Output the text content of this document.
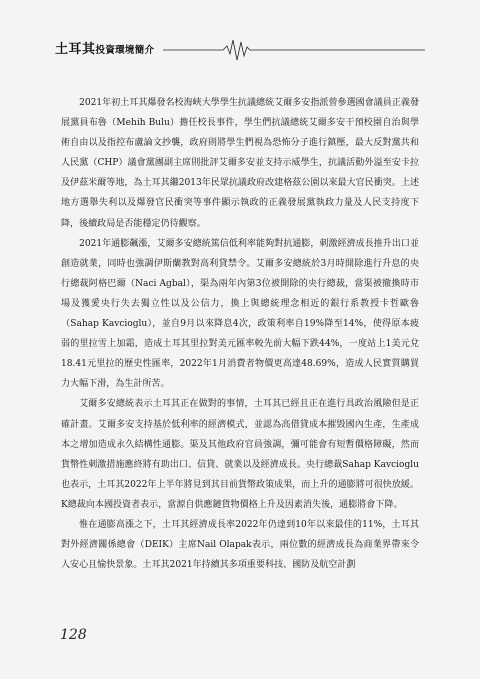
土耳其投資環境簡介

2021年初土耳其爆發名校海峽大學學生抗議總統艾爾多安指派曾參選國會議員正義發展黨員布魯（Mehih Bulu）擔任校長事件，學生們抗議總統艾爾多安干預校園自治與學術自由以及指控布盧論文抄襲，政府則將學生們視為恐怖分子進行鎮壓，最大反對黨共和人民黨（CHP）議會黨團副主席則批評艾爾多安並支持示威學生，抗議活動外溢至安卡拉及伊茲米爾等地，為土耳其繼2013年民眾抗議政府改建格茲公園以來最大官民衝突。上述地方選舉失利以及爆發官民衝突等事件顯示執政的正義發展黨執政力量及人民支持度下降，後續政局是否能穩定仍待觀察。

2021年通膨飆漲，艾爾多安總統篤信低利率能夠對抗通膨，刺激經濟成長推升出口並創造就業，同時也強調伊斯蘭教對高利貸禁令。艾爾多安總統於3月時開除進行升息的央行總裁阿格巴爾（Naci Agbal），渠為兩年內第3位被開除的央行總裁，當渠被撤換時市場及獲愛央行失去獨立性以及公信力，換上與總統理念相近的銀行系教授卡哲歐魯（Sahap Kavcioglu），並自9月以來降息4次，政策利率自19%降至14%，使得原本疲弱的里拉雪上加霜，造成土耳其里拉對美元匯率較先前大幅下跌44%，一度站上1美元兌18.41元里拉的歷史性匯率，2022年1月消費者物價更高達48.69%，造成人民實質購買力大幅下滑，為生計所苦。

艾爾多安總統表示土耳其正在做對的事情，土耳其已經且正在進行具政治風險但是正確計畫。艾爾多安支持基於低利率的經濟模式，並認為高借貸成本摧毀國內生產，生產成本之增加造成永久結構性通膨。渠及其他政府官員強調，彌可能會有短暫價格障礙，然而貨幣性刺激措施應終將有助出口、信貸、就業以及經濟成長。央行總裁Sahap Kavcioglu也表示，土耳其2022年上半年將見到其目前貨幣政策成果，而上升的通膨將可很快放緩。K總裁向本國投資者表示，當源自供應鏈貨物價格上升及因素消失後，通膨將會下降。

惟在通膨高漲之下，土耳其經濟成長率2022年仍達到10年以來最佳的11%，土耳其對外經濟關係總會（DEIK）主席Nail Olapak表示，兩位數的經濟成長為商業界帶來令人安心且愉快景象。土耳其2021年持續其多項重要科技、國防及航空計劃

128
